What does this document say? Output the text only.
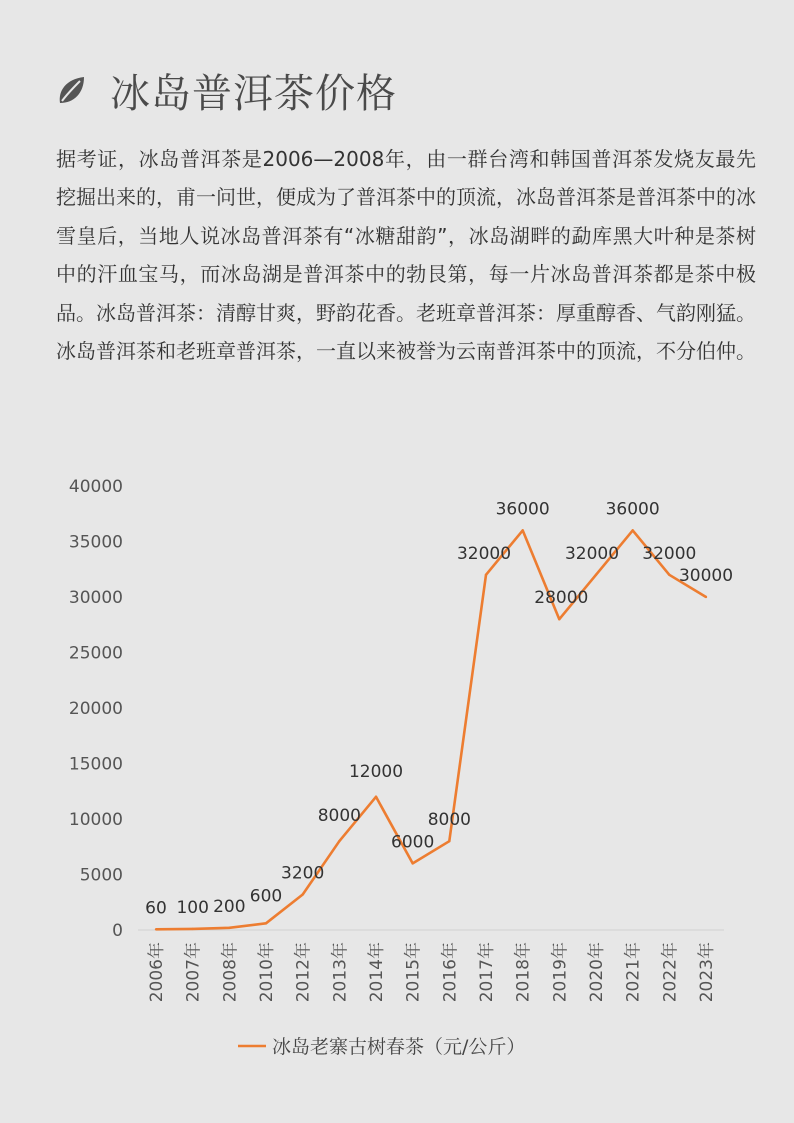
冰岛普洱茶价格
据考证，冰岛普洱茶是2006—2008年，由一群台湾和韩国普洱茶发烧友最先挖掘出来的，甫一问世，便成为了普洱茶中的顶流，冰岛普洱茶是普洱茶中的冰雪皇后，当地人说冰岛普洱茶有“冰糖甜韵”，冰岛湖畔的勐库黑大叶种是茶树中的汗血宝马，而冰岛湖是普洱茶中的勃艮第，每一片冰岛普洱茶都是茶中极品。冰岛普洱茶：清醇甘爽，野韵花香。老班章普洱茶：厚重醇香、气韵刚猛。冰岛普洱茶和老班章普洱茶，一直以来被誉为云南普洱茶中的顶流，不分伯仲。
0
5000
10000
15000
20000
25000
30000
35000
40000
2006年 2007年 2008年 2010年 2012年 2013年 2014年 2015年 2016年 2017年 2018年 2019年 2020年 2021年 2022年 2023年
60 100 200
600
3200
8000
12000
6000
8000
32000
36000
28000
32000
36000
32000
30000
冰岛老寨古树春茶（元/公斤）
